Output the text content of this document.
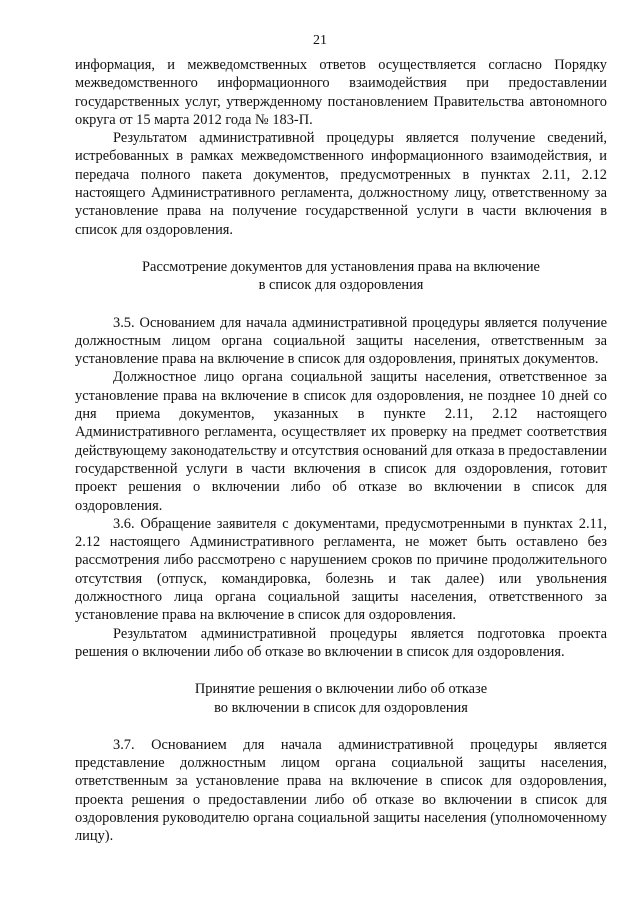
21

информация, и межведомственных ответов осуществляется согласно Порядку межведомственного информационного взаимодействия при предоставлении государственных услуг, утвержденному постановлением Правительства автономного округа от 15 марта 2012 года № 183-П.

Результатом административной процедуры является получение сведений, истребованных в рамках межведомственного информационного взаимодействия, и передача полного пакета документов, предусмотренных в пунктах 2.11, 2.12 настоящего Административного регламента, должностному лицу, ответственному за установление права на получение государственной услуги в части включения в список для оздоровления.

Рассмотрение документов для установления права на включение
в список для оздоровления

3.5. Основанием для начала административной процедуры является получение должностным лицом органа социальной защиты населения, ответственным за установление права на включение в список для оздоровления, принятых документов.

Должностное лицо органа социальной защиты населения, ответственное за установление права на включение в список для оздоровления, не позднее 10 дней со дня приема документов, указанных в пункте 2.11, 2.12 настоящего Административного регламента, осуществляет их проверку на предмет соответствия действующему законодательству и отсутствия оснований для отказа в предоставлении государственной услуги в части включения в список для оздоровления, готовит проект решения о включении либо об отказе во включении в список для оздоровления.

3.6. Обращение заявителя с документами, предусмотренными в пунктах 2.11, 2.12 настоящего Административного регламента, не может быть оставлено без рассмотрения либо рассмотрено с нарушением сроков по причине продолжительного отсутствия (отпуск, командировка, болезнь и так далее) или увольнения должностного лица органа социальной защиты населения, ответственного за установление права на включение в список для оздоровления.

Результатом административной процедуры является подготовка проекта решения о включении либо об отказе во включении в список для оздоровления.

Принятие решения о включении либо об отказе
во включении в список для оздоровления

3.7. Основанием для начала административной процедуры является представление должностным лицом органа социальной защиты населения, ответственным за установление права на включение в список для оздоровления, проекта решения о предоставлении либо об отказе во включении в список для оздоровления руководителю органа социальной защиты населения (уполномоченному лицу).
